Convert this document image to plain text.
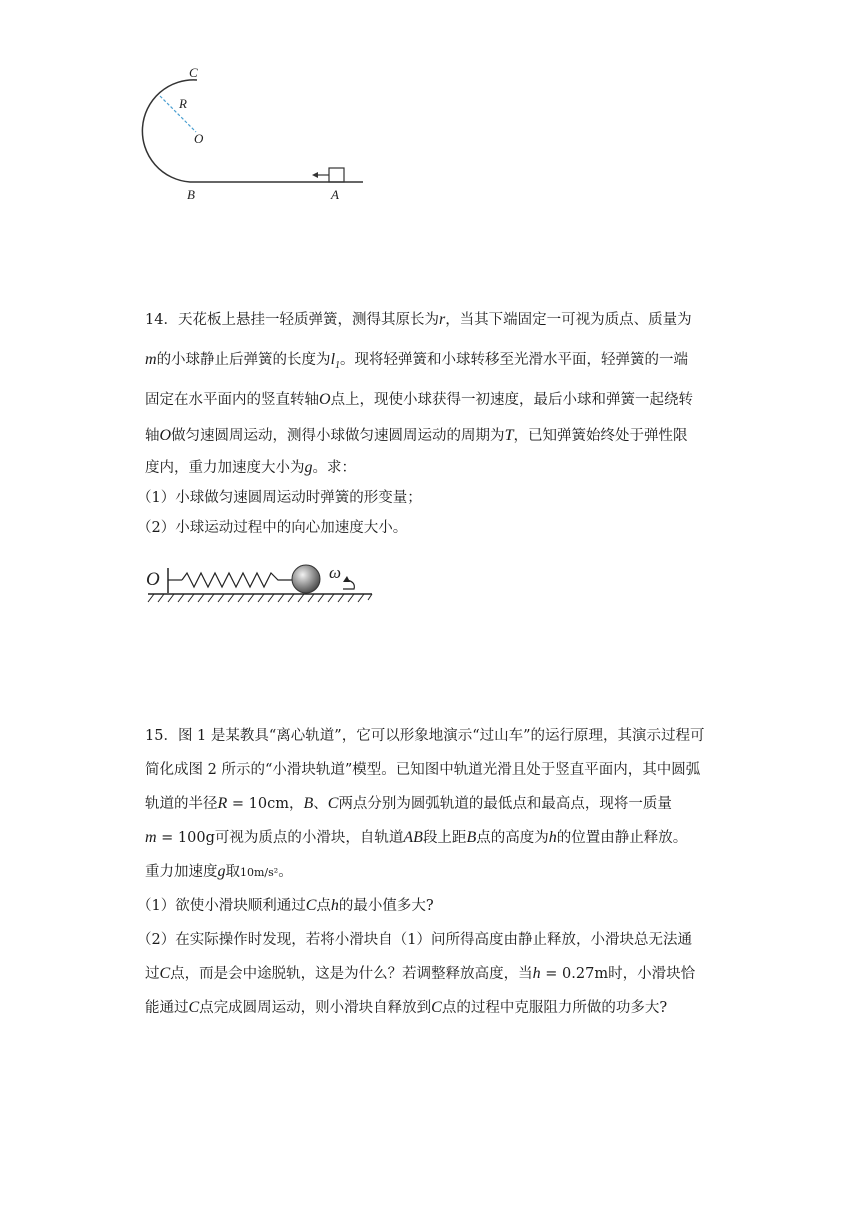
C
R
O
B	A
14．天花板上悬挂一轻质弹簧，测得其原长为r，当其下端固定一可视为质点、质量为
m的小球静止后弹簧的长度为$l_1$。现将轻弹簧和小球转移至光滑水平面，轻弹簧的一端
固定在水平面内的竖直转轴O点上，现使小球获得一初速度，最后小球和弹簧一起绕转
轴O做匀速圆周运动，测得小球做匀速圆周运动的周期为T，已知弹簧始终处于弹性限
度内，重力加速度大小为g。求：
（1）小球做匀速圆周运动时弹簧的形变量；
（2）小球运动过程中的向心加速度大小。
O	ω
15．图 1 是某教具“离心轨道”，它可以形象地演示“过山车”的运行原理，其演示过程可
简化成图 2 所示的“小滑块轨道”模型。已知图中轨道光滑且处于竖直平面内，其中圆弧
轨道的半径R = 10cm，B、C两点分别为圆弧轨道的最低点和最高点，现将一质量
m = 100g可视为质点的小滑块，自轨道AB段上距B点的高度为h的位置由静止释放。
重力加速度g取10m/s²。
（1）欲使小滑块顺利通过C点h的最小值多大?
（2）在实际操作时发现，若将小滑块自（1）问所得高度由静止释放，小滑块总无法通
过C点，而是会中途脱轨，这是为什么？若调整释放高度，当h = 0.27m时，小滑块恰
能通过C点完成圆周运动，则小滑块自释放到C点的过程中克服阻力所做的功多大?
